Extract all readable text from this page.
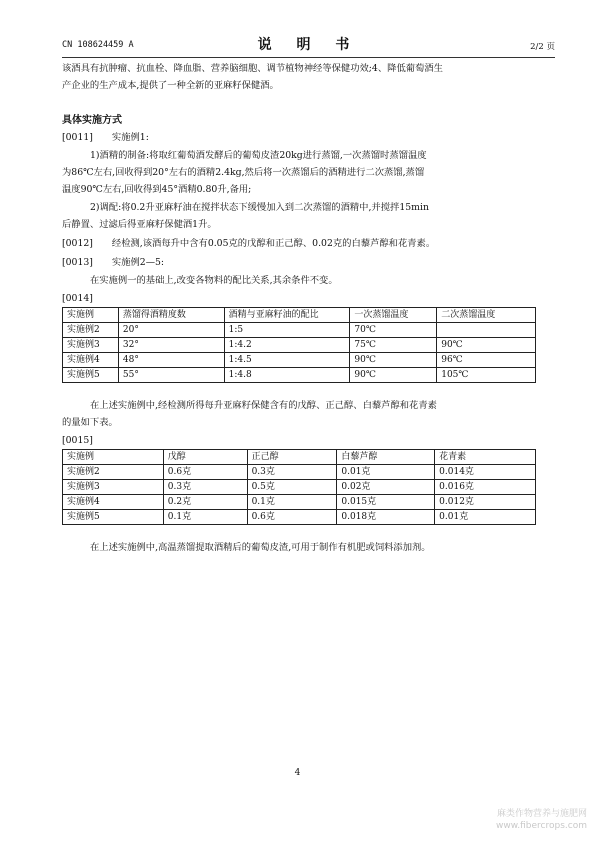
CN 108624459 A	说 明 书	2/2 页
该酒具有抗肿瘤、抗血栓、降血脂、营养脑细胞、调节植物神经等保健功效;4、降低葡萄酒生
产企业的生产成本,提供了一种全新的亚麻籽保健酒。
具体实施方式
[0011] 实施例1:
1)酒精的制备:将取红葡萄酒发酵后的葡萄皮渣20kg进行蒸馏,一次蒸馏时蒸馏温度
为86℃左右,回收得到20°左右的酒精2.4kg,然后将一次蒸馏后的酒精进行二次蒸馏,蒸馏
温度90℃左右,回收得到45°酒精0.80升,备用;
2)调配:将0.2升亚麻籽油在搅拌状态下缓慢加入到二次蒸馏的酒精中,并搅拌15min
后静置、过滤后得亚麻籽保健酒1升。
[0012] 经检测,该酒每升中含有0.05克的戊醇和正己醇、0.02克的白藜芦醇和花青素。
[0013] 实施例2—5:
在实施例一的基础上,改变各物料的配比关系,其余条件不变。
[0014]
实施例	蒸馏得酒精度数	酒精与亚麻籽油的配比	一次蒸馏温度	二次蒸馏温度
实施例2	20°	1:5	70℃	
实施例3	32°	1:4.2	75℃	90℃
实施例4	48°	1:4.5	90℃	96℃
实施例5	55°	1:4.8	90℃	105℃
在上述实施例中,经检测所得每升亚麻籽保健含有的戊醇、正己醇、白藜芦醇和花青素
的量如下表。
[0015]
实施例	戊醇	正己醇	白藜芦醇	花青素
实施例2	0.6克	0.3克	0.01克	0.014克
实施例3	0.3克	0.5克	0.02克	0.016克
实施例4	0.2克	0.1克	0.015克	0.012克
实施例5	0.1克	0.6克	0.018克	0.01克
在上述实施例中,高温蒸馏提取酒精后的葡萄皮渣,可用于制作有机肥或饲料添加剂。
4
麻类作物营养与施肥网
www.fibercrops.com
